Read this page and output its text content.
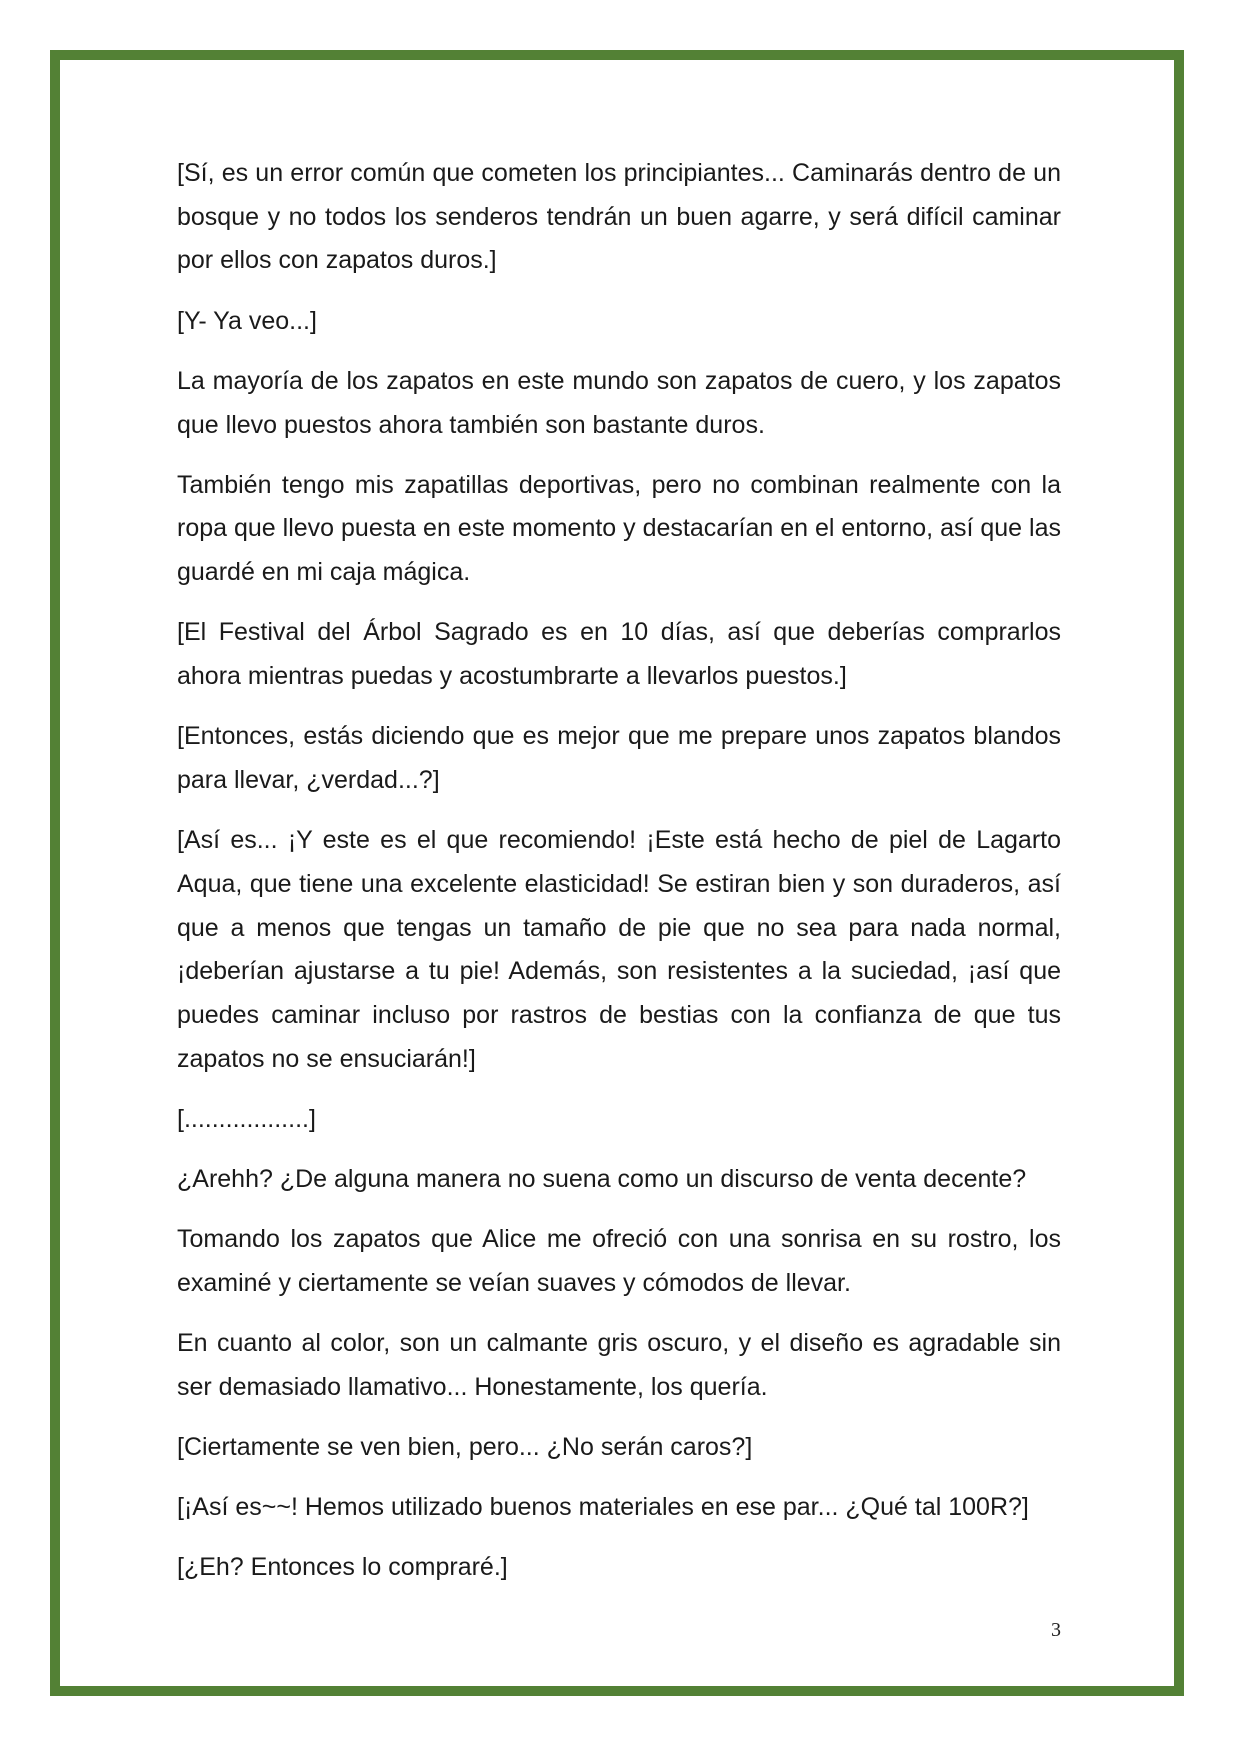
[Sí, es un error común que cometen los principiantes... Caminarás dentro de un bosque y no todos los senderos tendrán un buen agarre, y será difícil caminar por ellos con zapatos duros.]

[Y- Ya veo...]

La mayoría de los zapatos en este mundo son zapatos de cuero, y los zapatos que llevo puestos ahora también son bastante duros.

También tengo mis zapatillas deportivas, pero no combinan realmente con la ropa que llevo puesta en este momento y destacarían en el entorno, así que las guardé en mi caja mágica.

[El Festival del Árbol Sagrado es en 10 días, así que deberías comprarlos ahora mientras puedas y acostumbrarte a llevarlos puestos.]

[Entonces, estás diciendo que es mejor que me prepare unos zapatos blandos para llevar, ¿verdad...?]

[Así es... ¡Y este es el que recomiendo! ¡Este está hecho de piel de Lagarto Aqua, que tiene una excelente elasticidad! Se estiran bien y son duraderos, así que a menos que tengas un tamaño de pie que no sea para nada normal, ¡deberían ajustarse a tu pie! Además, son resistentes a la suciedad, ¡así que puedes caminar incluso por rastros de bestias con la confianza de que tus zapatos no se ensuciarán!]

[..................]

¿Arehh? ¿De alguna manera no suena como un discurso de venta decente?

Tomando los zapatos que Alice me ofreció con una sonrisa en su rostro, los examiné y ciertamente se veían suaves y cómodos de llevar.

En cuanto al color, son un calmante gris oscuro, y el diseño es agradable sin ser demasiado llamativo... Honestamente, los quería.

[Ciertamente se ven bien, pero... ¿No serán caros?]

[¡Así es~~! Hemos utilizado buenos materiales en ese par... ¿Qué tal 100R?]

[¿Eh? Entonces lo compraré.]

3
